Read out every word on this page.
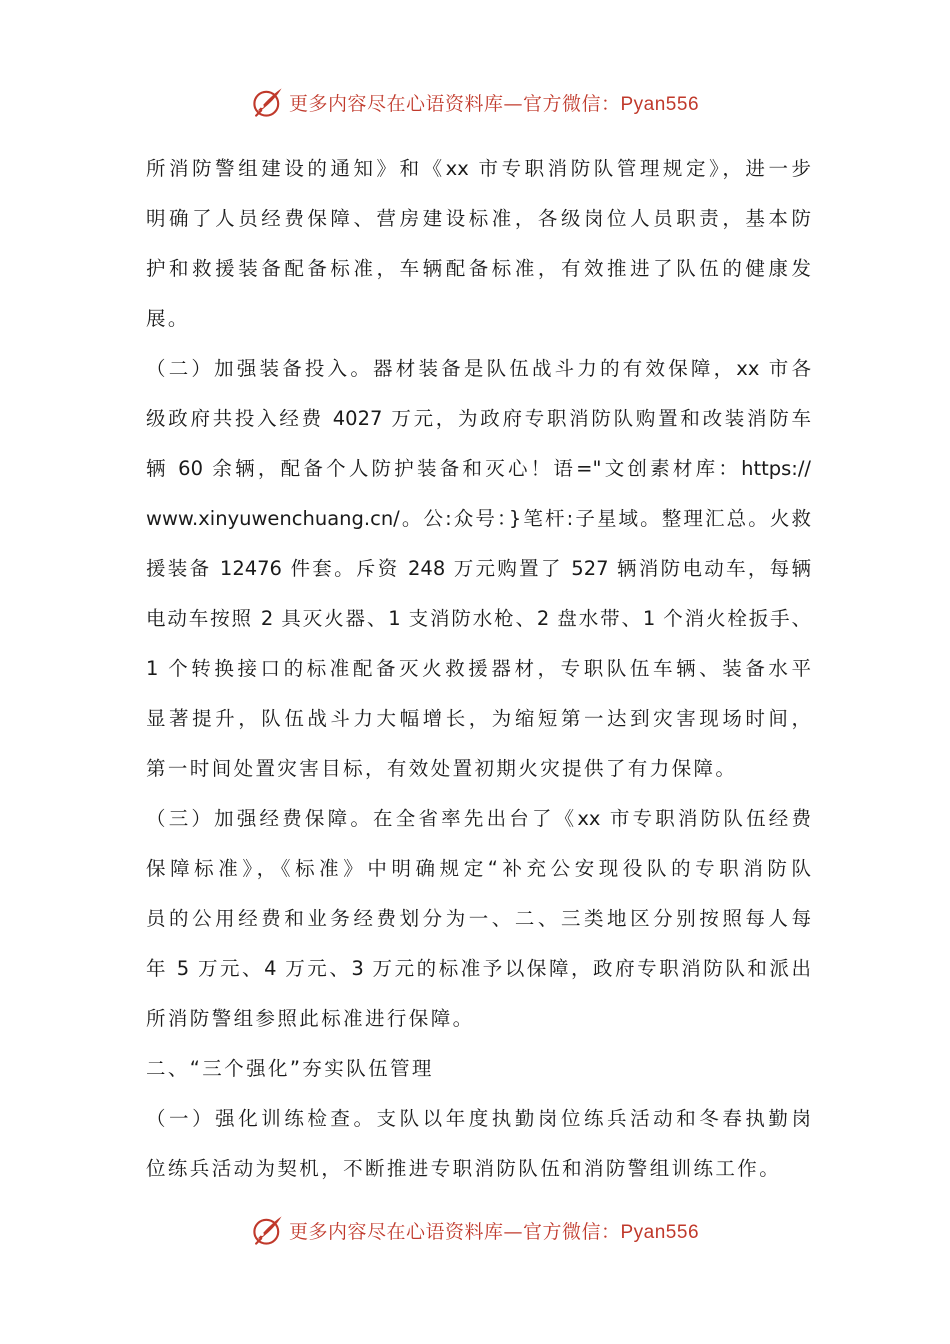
更多内容尽在心语资料库—官方微信：Pyan556
所消防警组建设的通知》和《xx 市专职消防队管理规定》，进一步
明确了人员经费保障、营房建设标准，各级岗位人员职责，基本防
护和救援装备配备标准，车辆配备标准，有效推进了队伍的健康发
展。
（二）加强装备投入。器材装备是队伍战斗力的有效保障，xx 市各
级政府共投入经费 4027 万元，为政府专职消防队购置和改装消防车
辆 60 余辆，配备个人防护装备和灭心！语="文创素材库：https://
www.xinyuwenchuang.cn/。公:众号：}笔杆:子星域。整理汇总。火救
援装备 12476 件套。斥资 248 万元购置了 527 辆消防电动车，每辆
电动车按照 2 具灭火器、1 支消防水枪、2 盘水带、1 个消火栓扳手、
1 个转换接口的标准配备灭火救援器材，专职队伍车辆、装备水平
显著提升，队伍战斗力大幅增长，为缩短第一达到灾害现场时间，
第一时间处置灾害目标，有效处置初期火灾提供了有力保障。
（三）加强经费保障。在全省率先出台了《xx 市专职消防队伍经费
保障标准》，《标准》中明确规定“补充公安现役队的专职消防队
员的公用经费和业务经费划分为一、二、三类地区分别按照每人每
年 5 万元、4 万元、3 万元的标准予以保障，政府专职消防队和派出
所消防警组参照此标准进行保障。
二、“三个强化”夯实队伍管理
（一）强化训练检查。支队以年度执勤岗位练兵活动和冬春执勤岗
位练兵活动为契机，不断推进专职消防队伍和消防警组训练工作。
更多内容尽在心语资料库—官方微信：Pyan556
